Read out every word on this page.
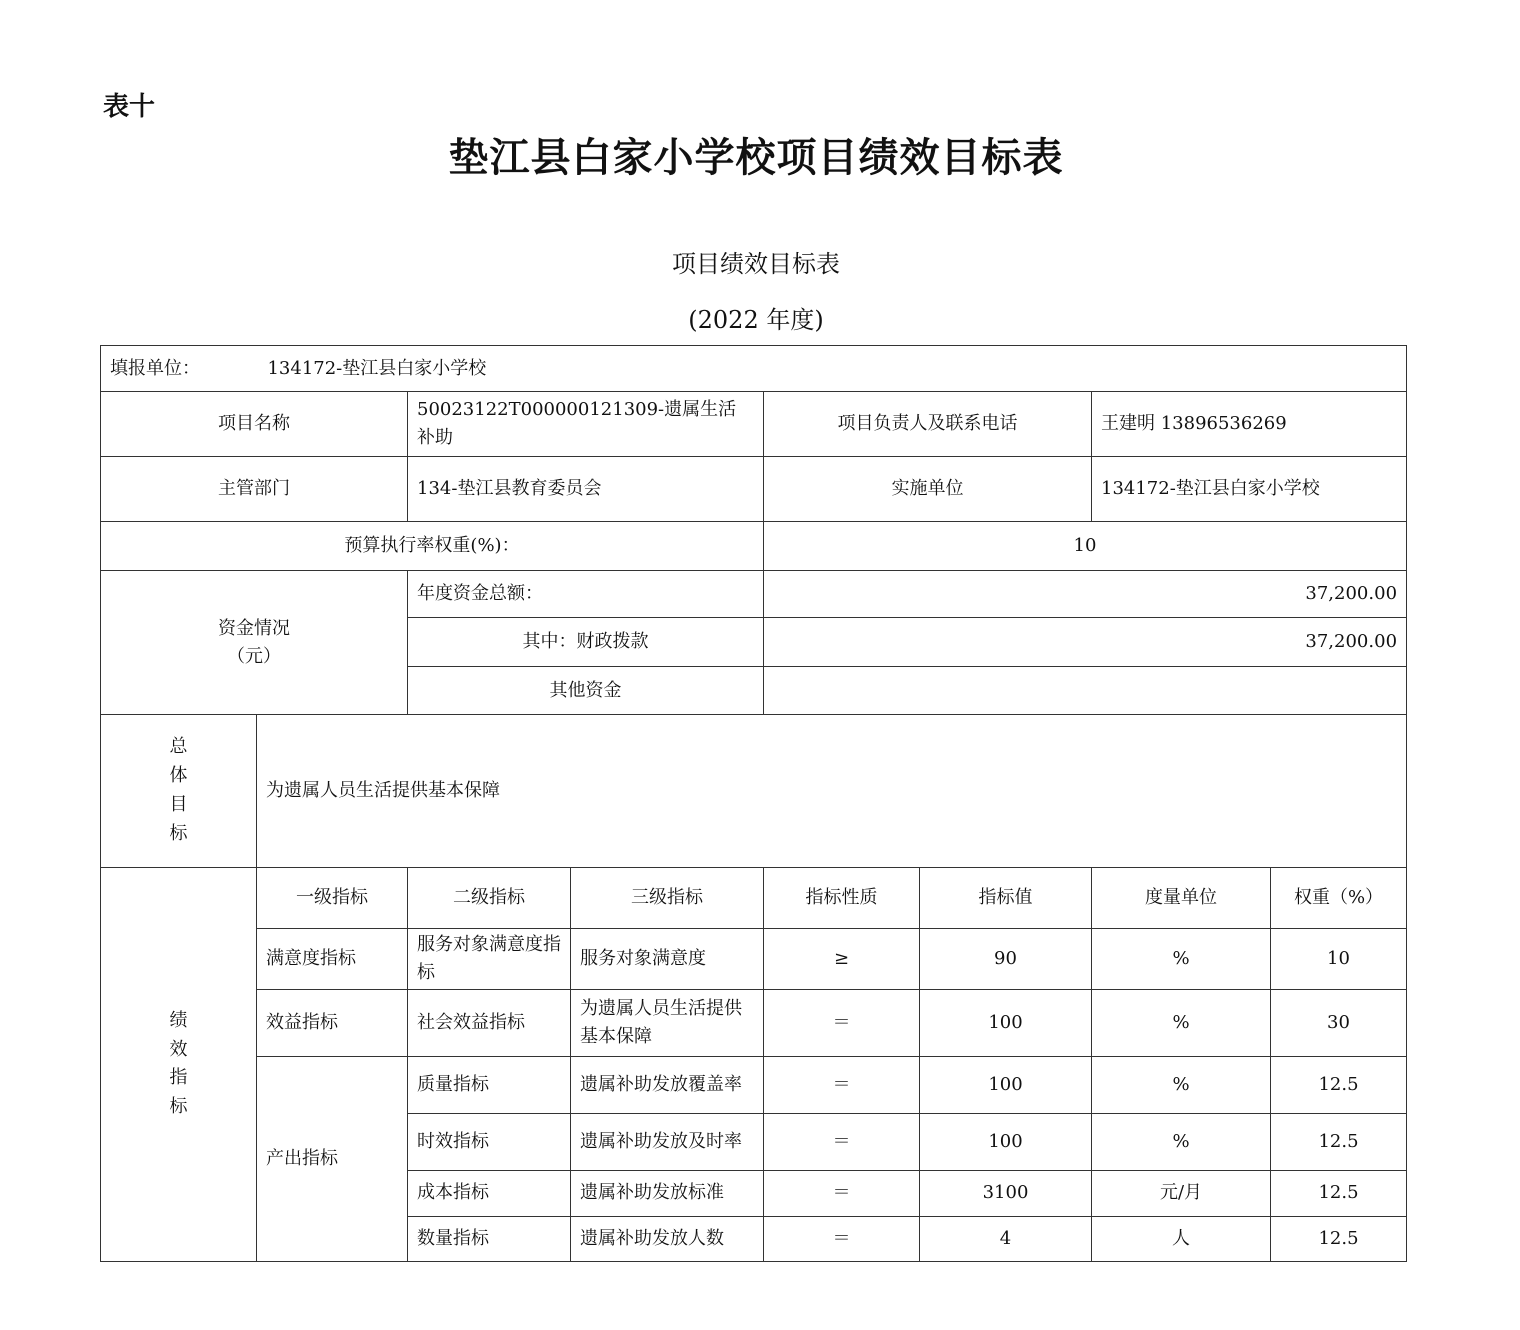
表十
垫江县白家小学校项目绩效目标表
项目绩效目标表
(2022 年度)
填报单位： 134172-垫江县白家小学校							
项目名称		50023122T000000121309-遗属生活补助		项目负责人及联系电话		王建明 13896536269	
主管部门		134-垫江县教育委员会		实施单位		134172-垫江县白家小学校	
预算执行率权重(%)：				10			

资金情况
（元）		年度资金总额：		37,200.00			
		其中：财政拨款		37,200.00			
		其他资金					

总
体
目
标	为遗属人员生活提供基本保障						

绩
效
指
标	一级指标	二级指标	三级指标	指标性质	指标值	度量单位	权重（%）
	满意度指标	服务对象满意度指标	服务对象满意度	≥	90	%	10
	效益指标	社会效益指标	为遗属人员生活提供基本保障	＝	100	%	30
	产出指标	质量指标	遗属补助发放覆盖率	＝	100	%	12.5
		时效指标	遗属补助发放及时率	＝	100	%	12.5
		成本指标	遗属补助发放标准	＝	3100	元/月	12.5
		数量指标	遗属补助发放人数	＝	4	人	12.5
